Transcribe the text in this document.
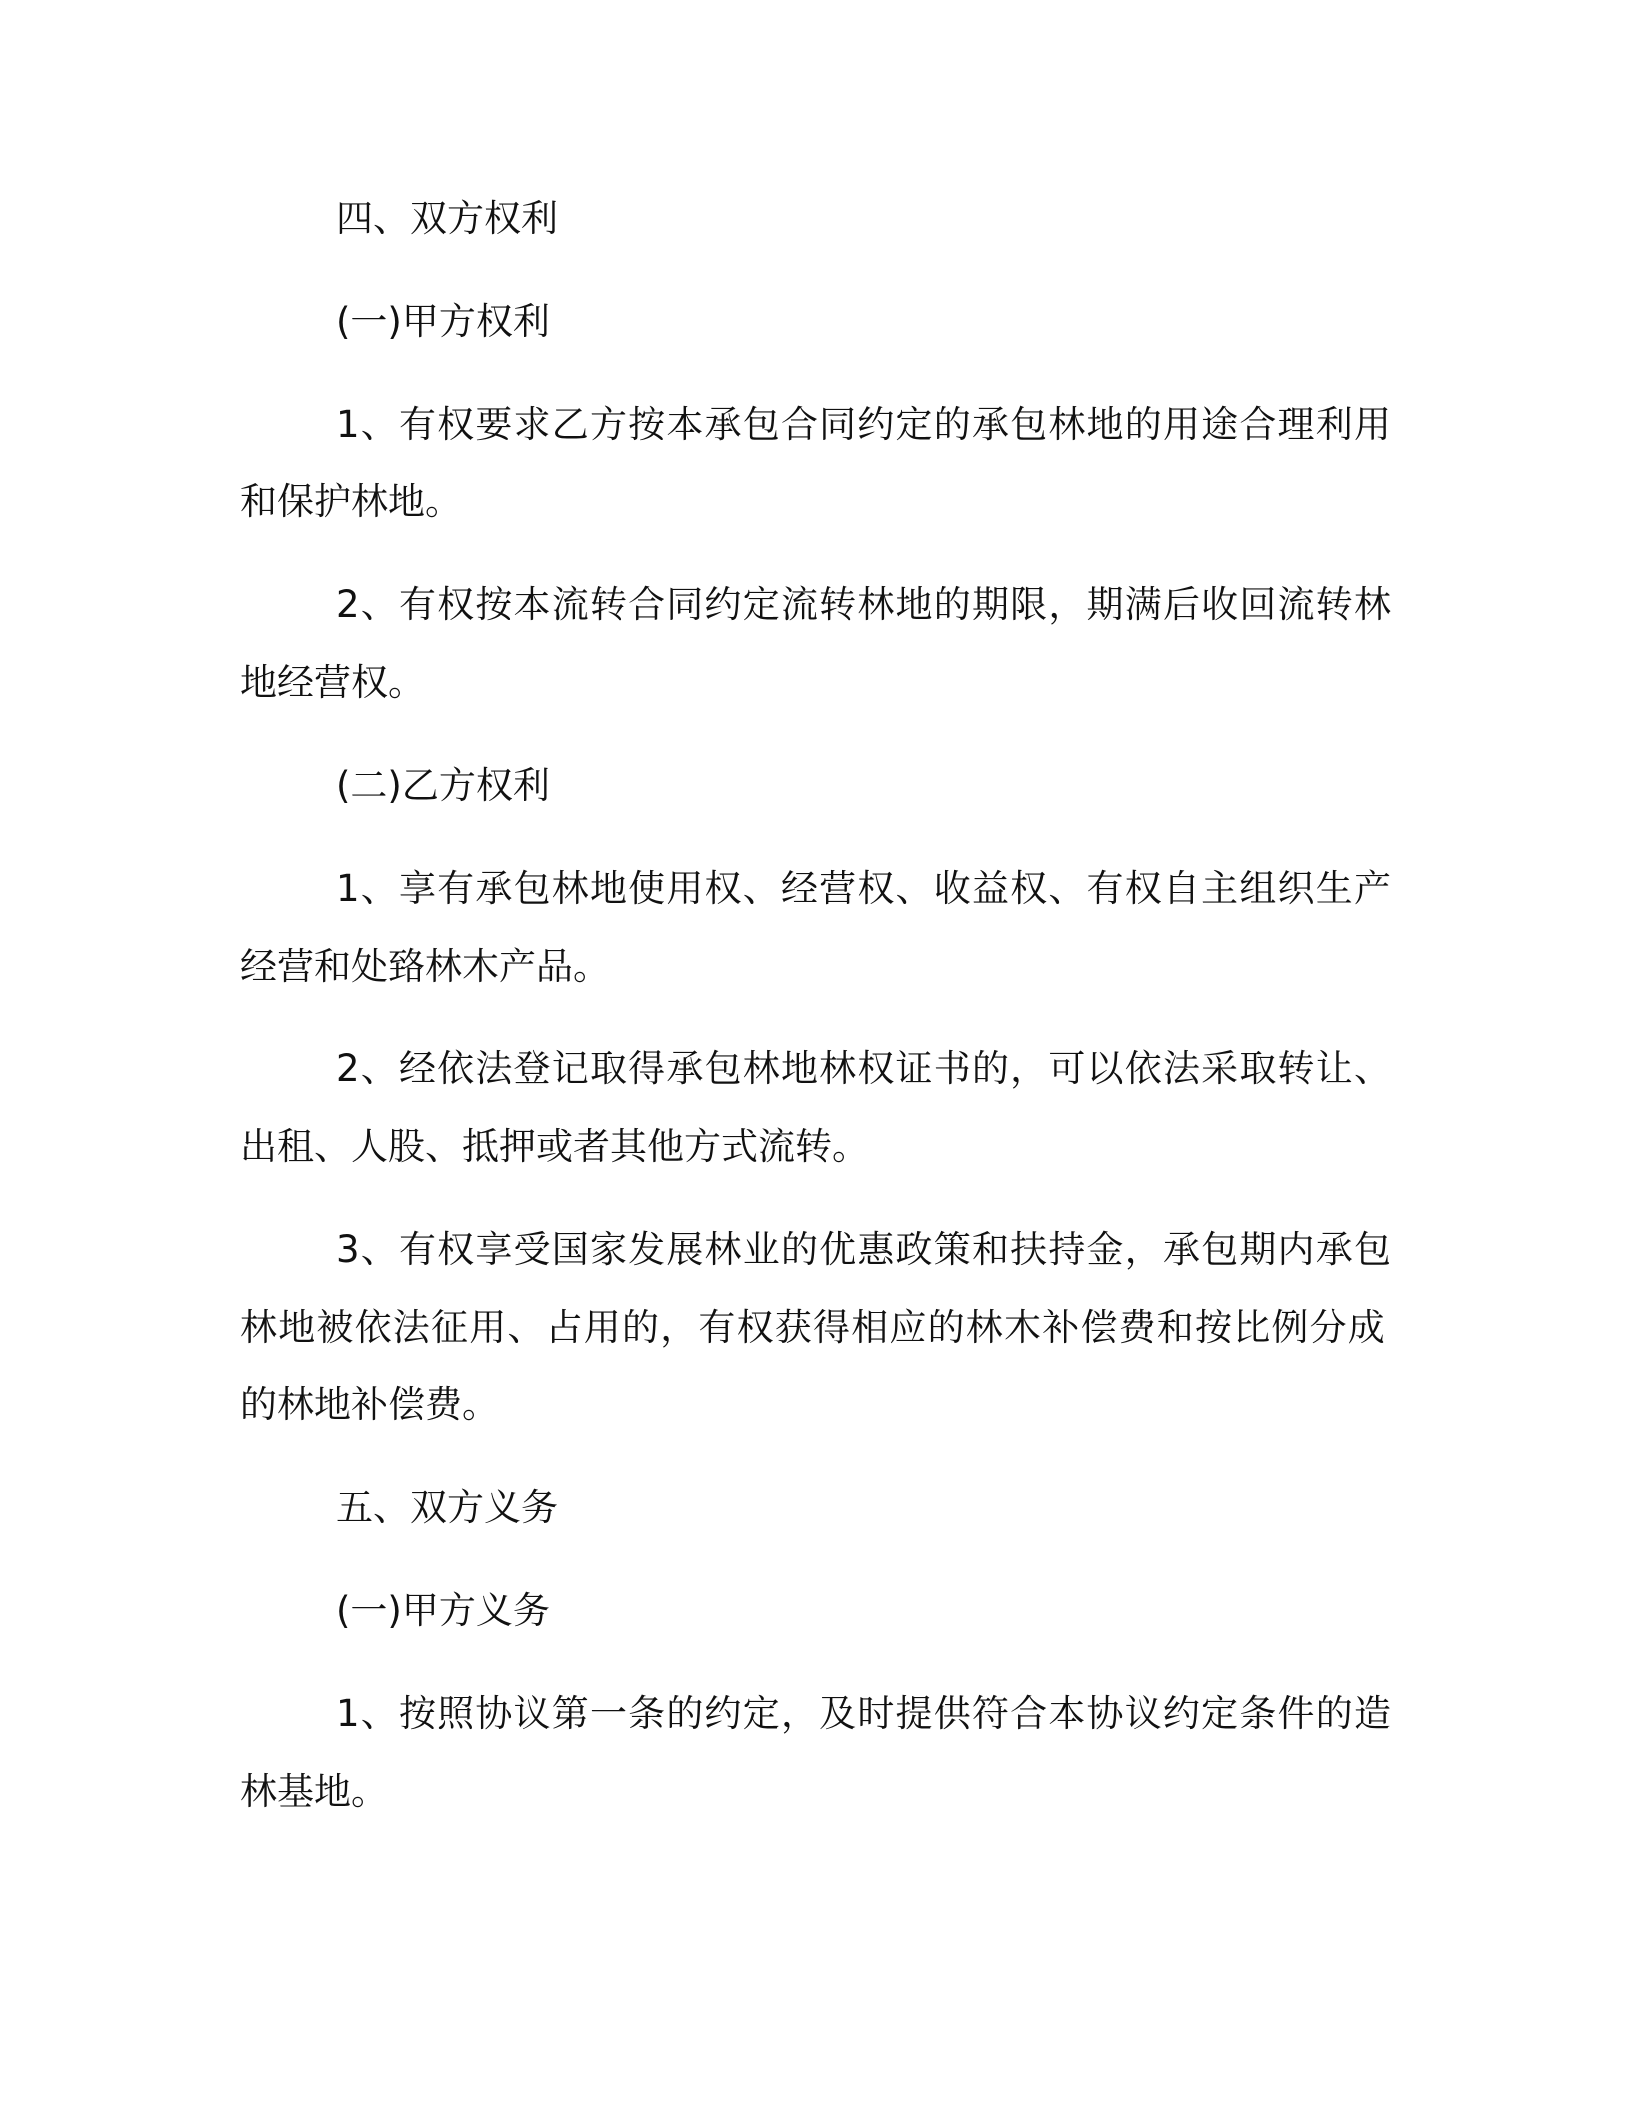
四、双方权利
(一)甲方权利
1、有权要求乙方按本承包合同约定的承包林地的用途合理利用
和保护林地。
2、有权按本流转合同约定流转林地的期限，期满后收回流转林
地经营权。
(二)乙方权利
1、享有承包林地使用权、经营权、收益权、有权自主组织生产
经营和处臵林木产品。
2、经依法登记取得承包林地林权证书的，可以依法采取转让、
出租、人股、抵押或者其他方式流转。
3、有权享受国家发展林业的优惠政策和扶持金，承包期内承包
林地被依法征用、占用的，有权获得相应的林木补偿费和按比例分成
的林地补偿费。
五、双方义务
(一)甲方义务
1、按照协议第一条的约定，及时提供符合本协议约定条件的造
林基地。
